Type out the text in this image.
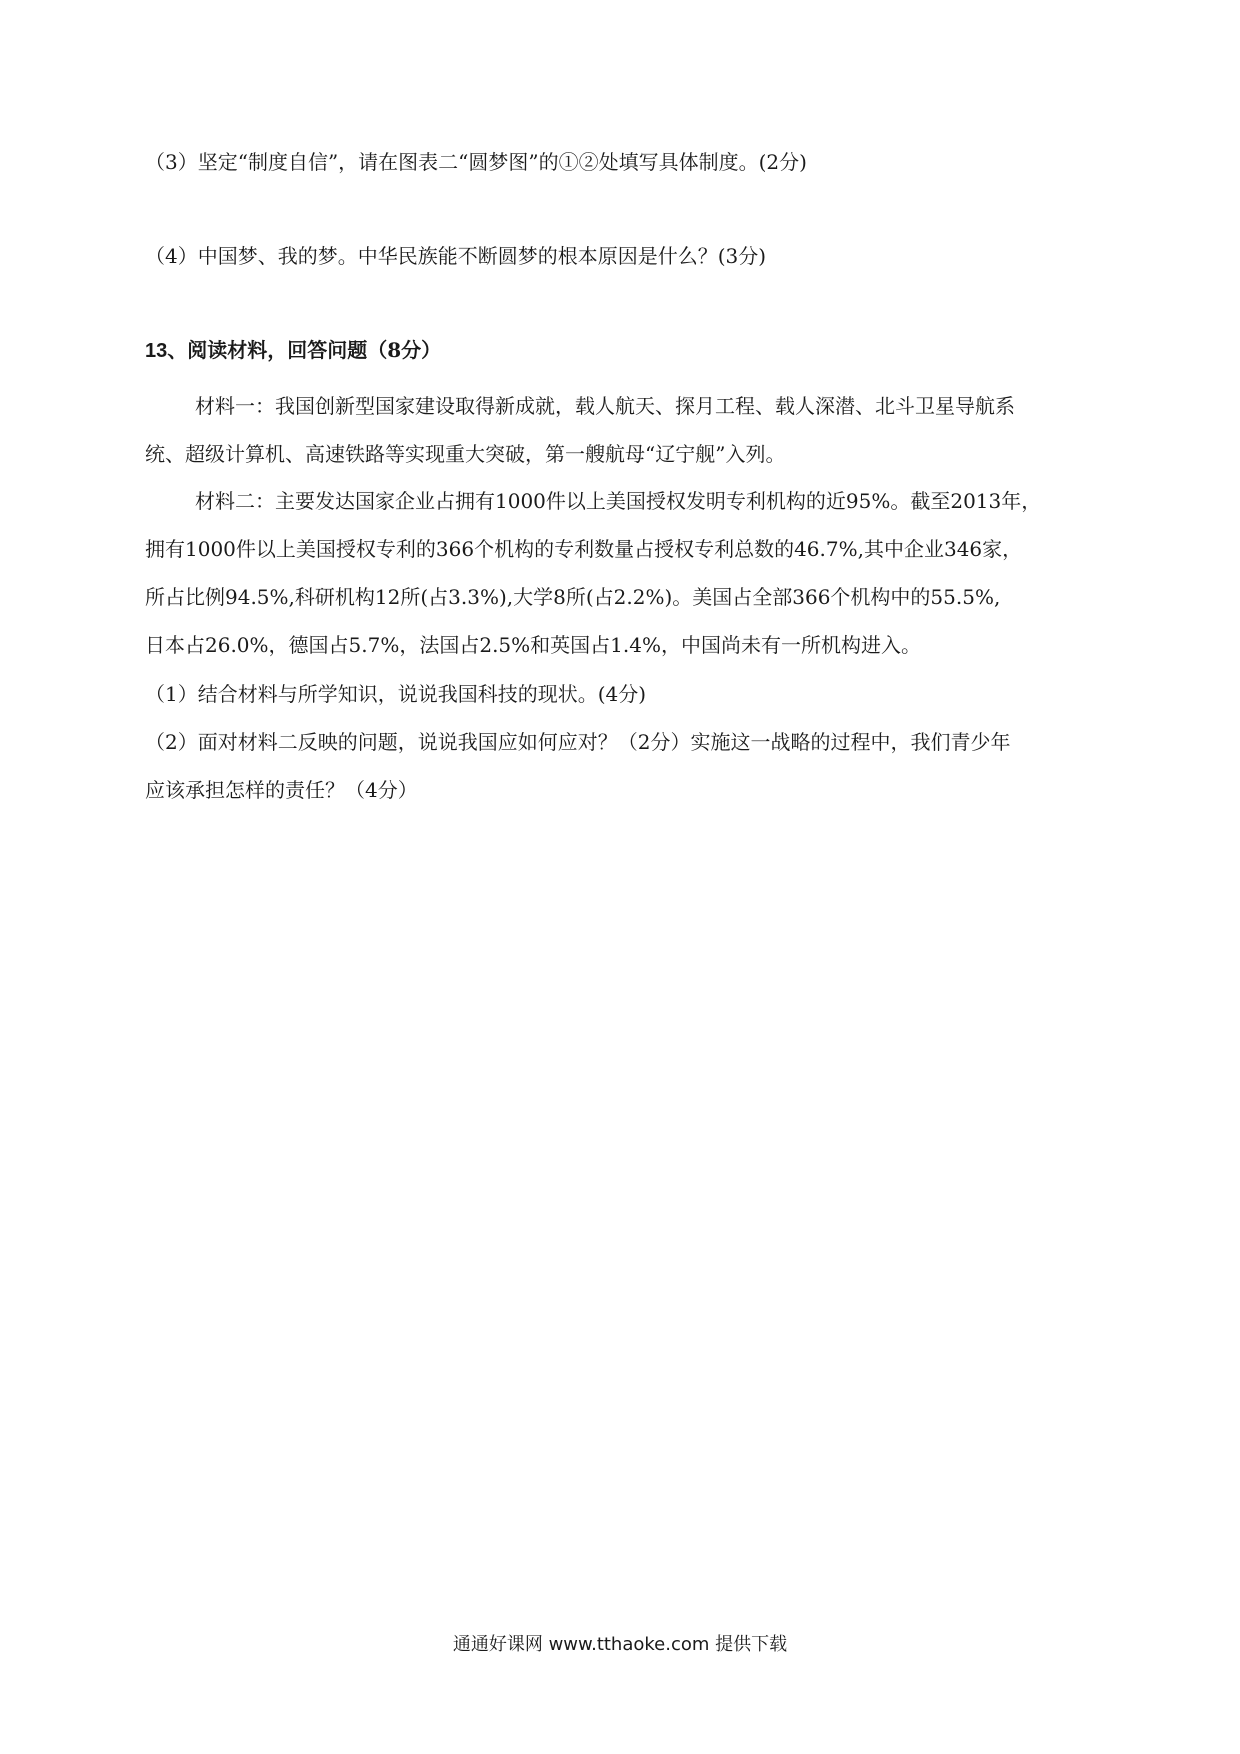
（3）坚定“制度自信”，请在图表二“圆梦图”的①②处填写具体制度。(2分)
（4）中国梦、我的梦。中华民族能不断圆梦的根本原因是什么？(3分)
13、阅读材料，回答问题（8分）
材料一：我国创新型国家建设取得新成就，载人航天、探月工程、载人深潜、北斗卫星导航系
统、超级计算机、高速铁路等实现重大突破，第一艘航母“辽宁舰”入列。
材料二：主要发达国家企业占拥有1000件以上美国授权发明专利机构的近95%。截至2013年，
拥有1000件以上美国授权专利的366个机构的专利数量占授权专利总数的46.7%,其中企业346家，
所占比例94.5%,科研机构12所(占3.3%),大学8所(占2.2%)。美国占全部366个机构中的55.5%,
日本占26.0%，德国占5.7%，法国占2.5%和英国占1.4%，中国尚未有一所机构进入。
（1）结合材料与所学知识，说说我国科技的现状。(4分)
（2）面对材料二反映的问题，说说我国应如何应对？（2分）实施这一战略的过程中，我们青少年
应该承担怎样的责任？（4分）
通通好课网 www.tthaoke.com 提供下载
